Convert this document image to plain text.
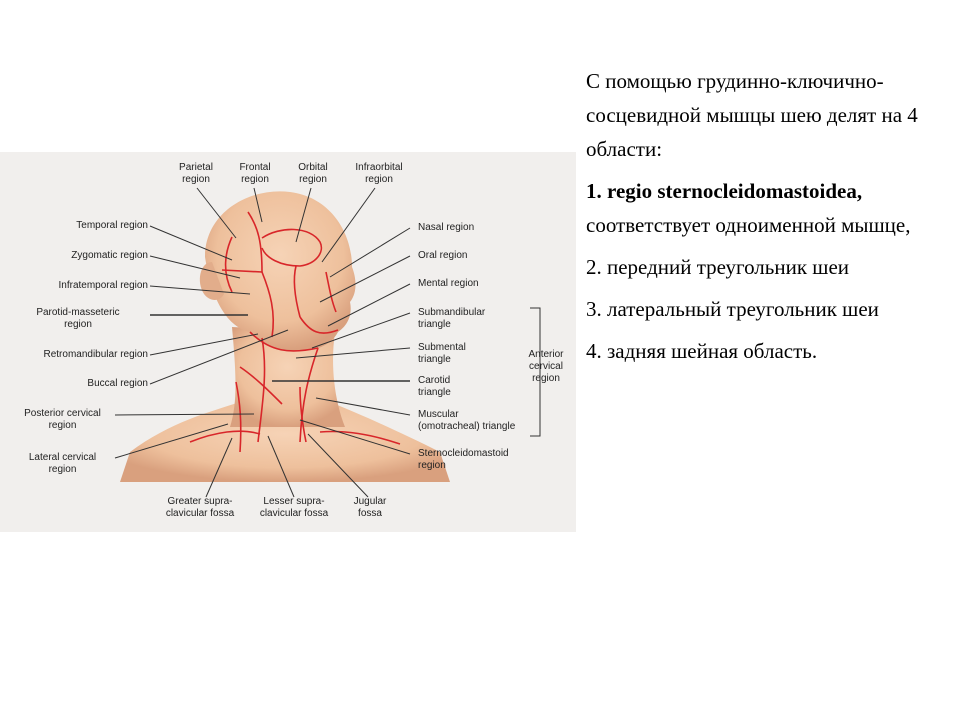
Parietal
region
Frontal
region
Orbital
region
Infraorbital
region
Temporal region
Zygomatic region
Infratemporal region
Parotid-masseteric
region
Retromandibular region
Buccal region
Posterior cervical
region
Lateral cervical
region
Nasal region
Oral region
Mental region
Submandibular
triangle
Submental
triangle
Carotid
triangle
Muscular
(omotracheal) triangle
Anterior
cervical
region
Sternocleidomastoid
region
Greater supra-
clavicular fossa
Lesser supra-
clavicular fossa
Jugular
fossa

С помощью грудинно-ключично-сосцевидной мышцы шею делят на 4 области:

1. regio sternocleidomastoidea, соответствует одноименной мышце,

2. передний треугольник шеи

3. латеральный треугольник шеи

4. задняя шейная область.
